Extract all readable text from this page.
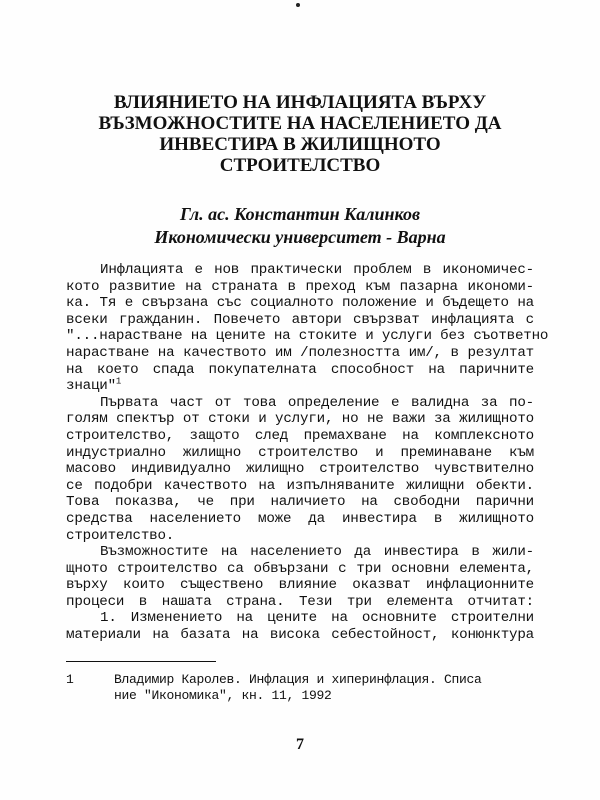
ВЛИЯНИЕТО НА ИНФЛАЦИЯТА ВЪРХУ
ВЪЗМОЖНОСТИТЕ НА НАСЕЛЕНИЕТО ДА
ИНВЕСТИРА В ЖИЛИЩНОТО
СТРОИТЕЛСТВО
Гл. ас. Константин Калинков
Икономически университет - Варна
Инфлацията е нов практически проблем в икономичес-
кото развитие на страната в преход към пазарна икономи-
ка. Тя е свързана със социалното положение и бъдещето на
всеки гражданин. Повечето автори свързват инфлацията с
"...нарастване на цените на стоките и услуги без съответно
нарастване на качеството им /полезността им/, в резултат
на което спада покупателната способност на паричните
знаци"$^1$
Първата част от това определение е валидна за по-
голям спектър от стоки и услуги, но не важи за жилищното
строителство, защото след премахване на комплексното
индустриално жилищно строителство и преминаване към
масово индивидуално жилищно строителство чувствително
се подобри качеството на изпълняваните жилищни обекти.
Това показва, че при наличието на свободни парични
средства населението може да инвестира в жилищното
строителство.
Възможностите на населението да инвестира в жили-
щното строителство са обвързани с три основни елемента,
върху които съществено влияние оказват инфлационните
процеси в нашата страна. Тези три елемента отчитат:
1. Изменението на цените на основните строителни
материали на базата на висока себестойност, конюнктура
1	Владимир Каролев. Инфлация и хиперинфлация. Списа
ние "Икономика", кн. 11, 1992
7
